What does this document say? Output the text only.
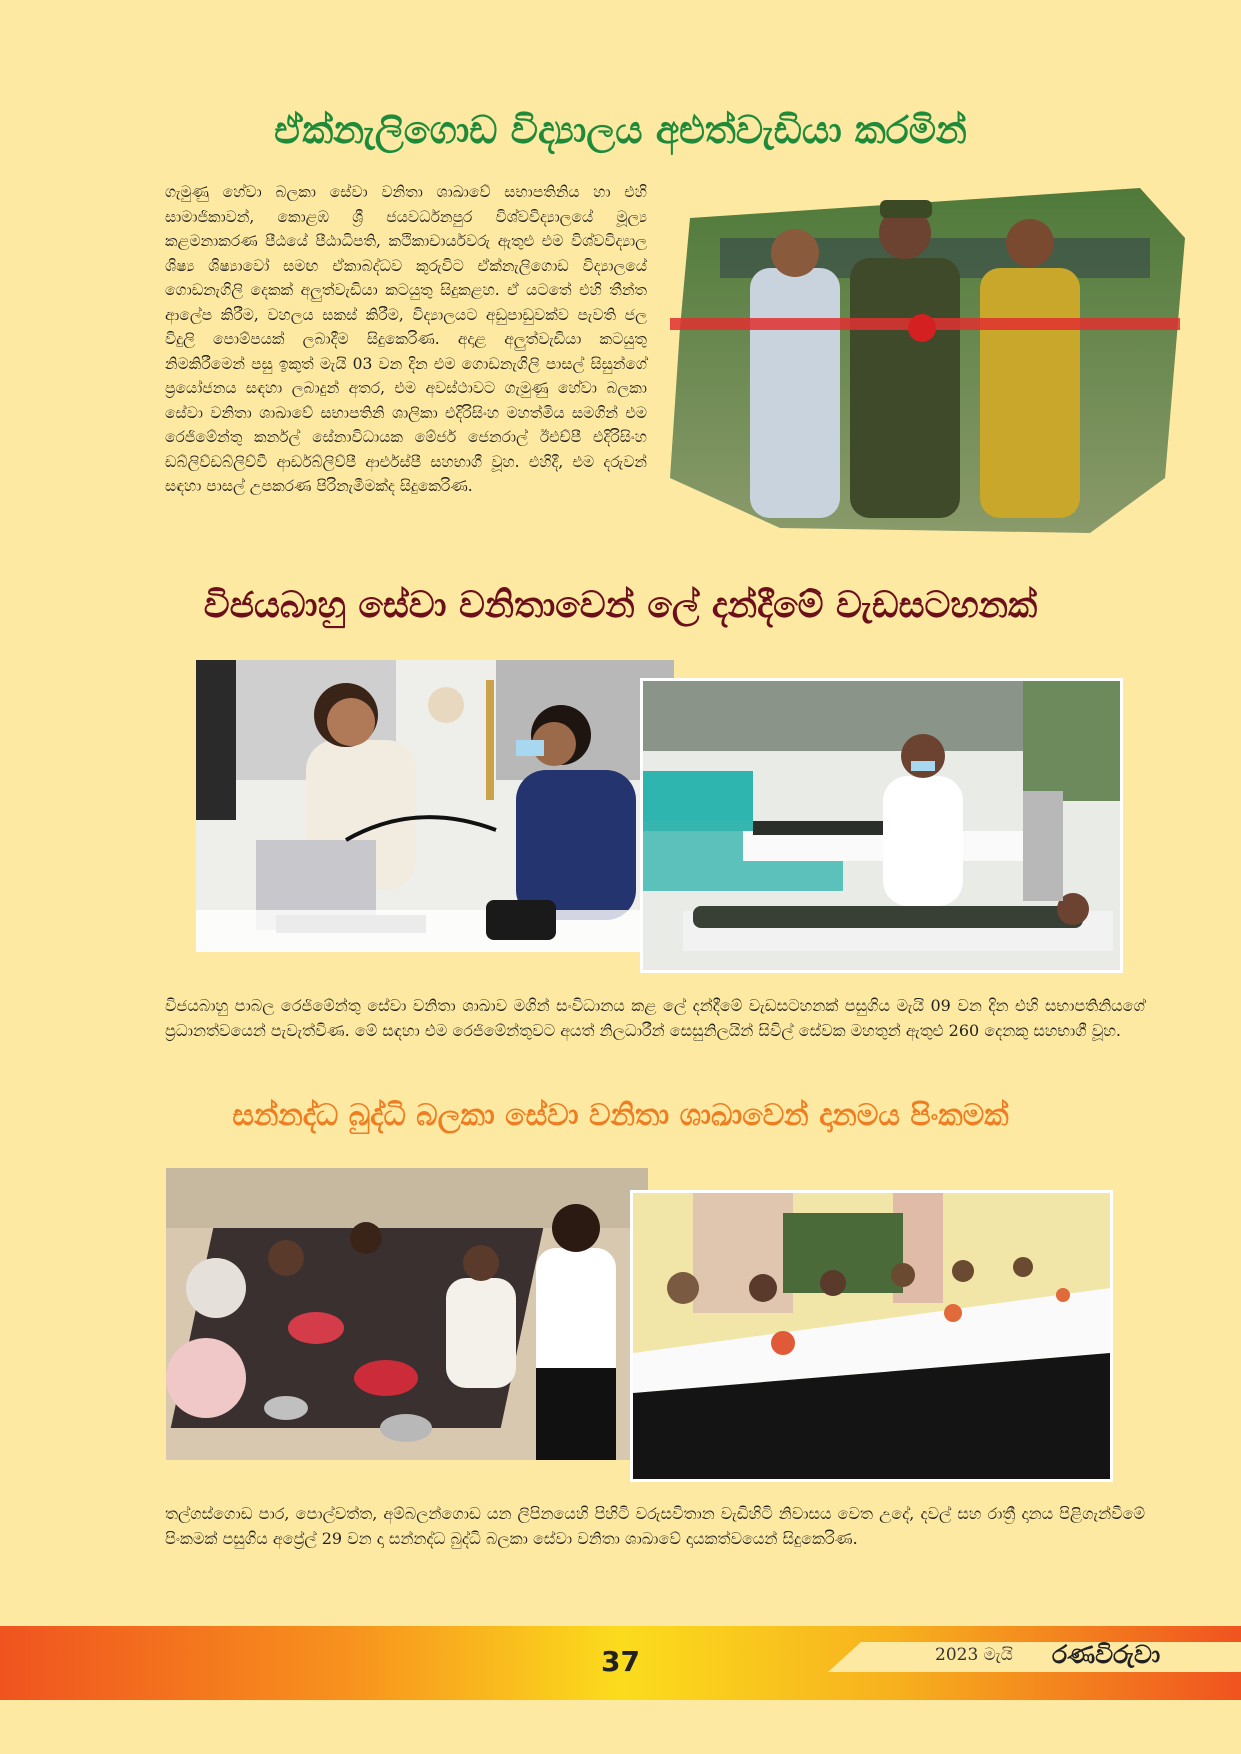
ඒක්නැලිගොඩ විද්‍යාලය අළුත්වැඩියා කරමින්
ගැමුණු හේවා බලකා සේවා වනිතා ශාඛාවේ සභාපතිනිය හා එහි සාමාජිකාවන්, කොළඹ ශ්‍රී ජයවර්ධනපුර විශ්වවිද්‍යාලයේ මූල්‍ය කළමනාකරණ පීඨයේ පීඨාධිපති, කථිකාචාර්යවරු ඇතුළු එම විශ්වවිද්‍යාල ශිෂ්‍ය ශිෂ්‍යාවෝ සමඟ ඒකාබද්ධව කුරුවිට ඒක්නැලිගොඩ විද්‍යාලයේ ගොඩනැගිලි දෙකක් අලුත්වැඩියා කටයුතු සිදුකළහ. ඒ යටතේ එහි තීන්ත ආලේප කිරීම, වහලය සකස් කිරීම, විද්‍යාලයට අඩුපාඩුවක්ව පැවති ජල විදුලි පොම්පයක් ලබාදීම සිදුකෙරිණ. අදාළ අලුත්වැඩියා කටයුතු නිමකිරීමෙන් පසු ඉකුත් මැයි 03 වන දින එම ගොඩනැගිලි පාසල් සිසුන්ගේ ප්‍රයෝජනය සඳහා ලබාදුන් අතර, එම අවස්ථාවට ගැමුණු හේවා බලකා සේවා වනිතා ශාඛාවේ සභාපතිනි ශාලිකා එදිරිසිංහ මහත්මිය සමගින් එම රෙජිමේන්තු කර්නල් සේනාවිධායක මේජර් ජෙනරාල් ඊඑච්පී එදිරිසිංහ ඩබ්ලිව්ඩබ්ලිව්වී ආර්ඩබ්ලිව්පී ආර්එස්පී සහභාගී වූහ. එහිදී, එම දරුවන් සඳහා පාසල් උපකරණ පිරිනැමීමක්ද සිදුකෙරිණ.
විජයබාහු සේවා වනිතාවෙන් ලේ දන්දීමේ වැඩසටහනක්
විජයබාහු පාබල රෙජිමේන්තු සේවා වනිතා ශාඛාව මගින් සංවිධානය කළ ලේ දන්දීමේ වැඩසටහනක් පසුගිය මැයි 09 වන දින එහි සභාපතිනියගේ ප්‍රධානත්වයෙන් පැවැත්විණ. මේ සඳහා එම රෙජිමේන්තුවට අයත් නිලධාරීන් සෙසුනිලයින් සිවිල් සේවක මහතුන් ඇතුළු 260 දෙනකු සහභාගී වූහ.
සන්නද්ධ බුද්ධි බලකා සේවා වනිතා ශාඛාවෙන් දානමය පිංකමක්
තල්ගස්ගොඩ පාර, පොල්වත්ත, අම්බලන්ගොඩ යන ලිපිනයෙහි පිහිටි වරුසවිතාන වැඩිහිටි නිවාසය වෙත උදේ, දවල් සහ රාත්‍රී දානය පිළිගැන්වීමේ පිංකමක් පසුගිය අප්‍රේල් 29 වන දා සන්නද්ධ බුද්ධි බලකා සේවා වනිතා ශාඛාවේ දායකත්වයෙන් සිදුකෙරිණ.
37	2023 මැයි රණවිරුවා
